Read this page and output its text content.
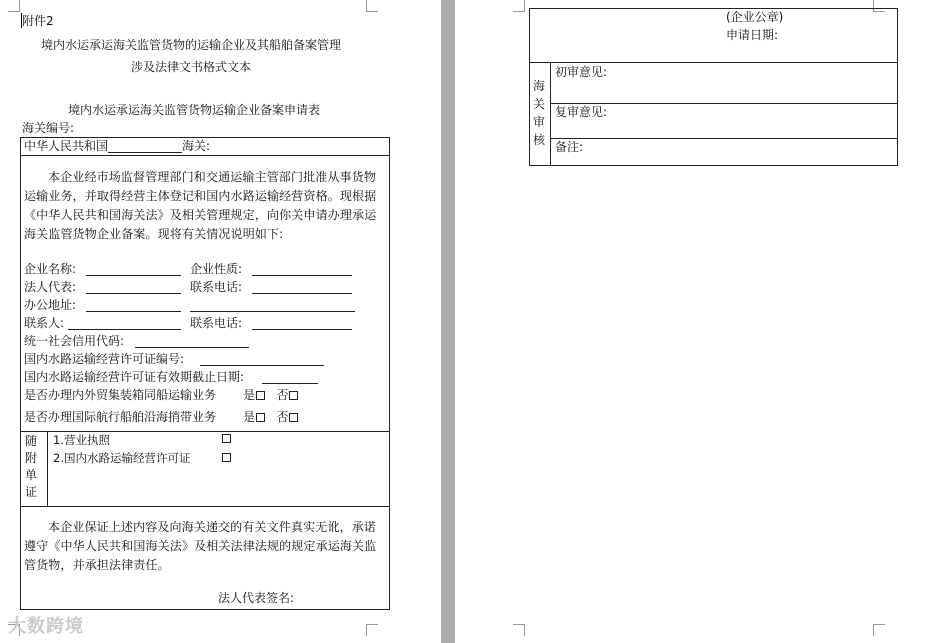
附件2
境内水运承运海关监管货物的运输企业及其船舶备案管理
涉及法律文书格式文本
境内水运承运海关监管货物运输企业备案申请表
海关编号:
中华人民共和国	海关:
本企业经市场监督管理部门和交通运输主管部门批准从事货物运输业务，并取得经营主体登记和国内水路运输经营资格。现根据《中华人民共和国海关法》及相关管理规定，向你关申请办理承运海关监管货物企业备案。现将有关情况说明如下:
企业名称:	企业性质:
法人代表:	联系电话:
办公地址:
联系人:	联系电话:
统一社会信用代码:
国内水路运输经营许可证编号:
国内水路运输经营许可证有效期截止日期:
是否办理内外贸集装箱同船运输业务 是 否
是否办理国际航行船舶沿海捎带业务 是 否
随附单证
1.营业执照
2.国内水路运输经营许可证
本企业保证上述内容及向海关递交的有关文件真实无讹，承诺遵守《中华人民共和国海关法》及相关法律法规的规定承运海关监管货物，并承担法律责任。
法人代表签名:
大数跨境
(企业公章)
申请日期:
海关审核
初审意见:
复审意见:
备注:
